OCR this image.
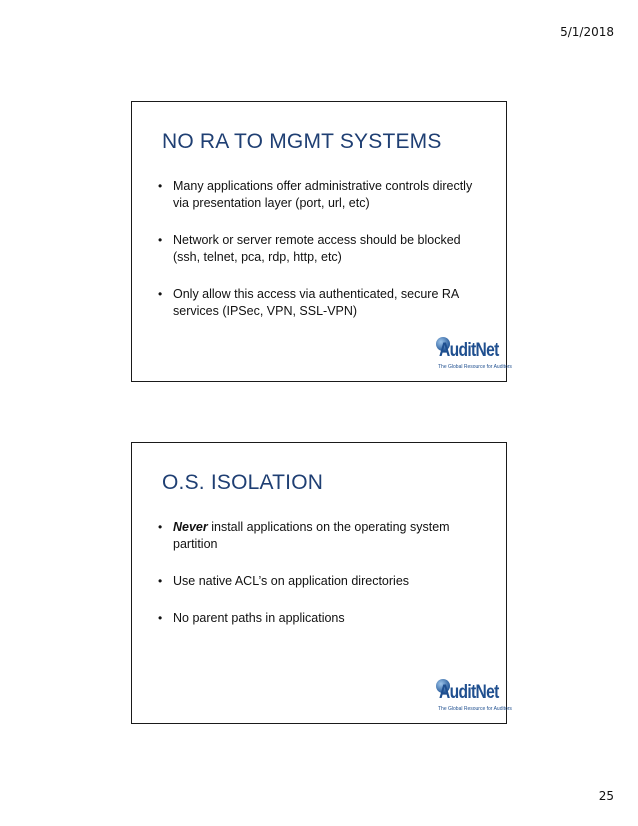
5/1/2018
NO RA TO MGMT SYSTEMS
• Many applications offer administrative controls directly via presentation layer (port, url, etc)
• Network or server remote access should be blocked (ssh, telnet, pca, rdp, http, etc)
• Only allow this access via authenticated, secure RA services (IPSec, VPN, SSL-VPN)
AuditNet
The Global Resource for Auditors
O.S. ISOLATION
• Never install applications on the operating system partition
• Use native ACL’s on application directories
• No parent paths in applications
AuditNet
The Global Resource for Auditors
25
